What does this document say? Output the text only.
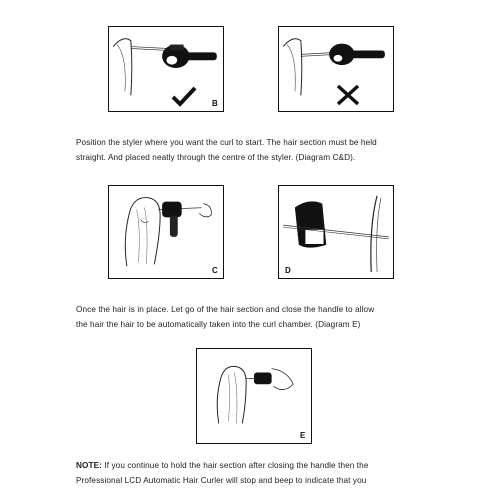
B
Position the styler where you want the curl to start. The hair section must be held
straight. And placed neatly through the centre of the styler. (Diagram C&D).
C	D
Once the hair is in place. Let go of the hair section and close the handle to allow
the hair the hair to be automatically taken into the curl chamber. (Diagram E)
E
NOTE: If you continue to hold the hair section after closing the handle then the
Professional LCD Automatic Hair Curler will stop and beep to indicate that you
